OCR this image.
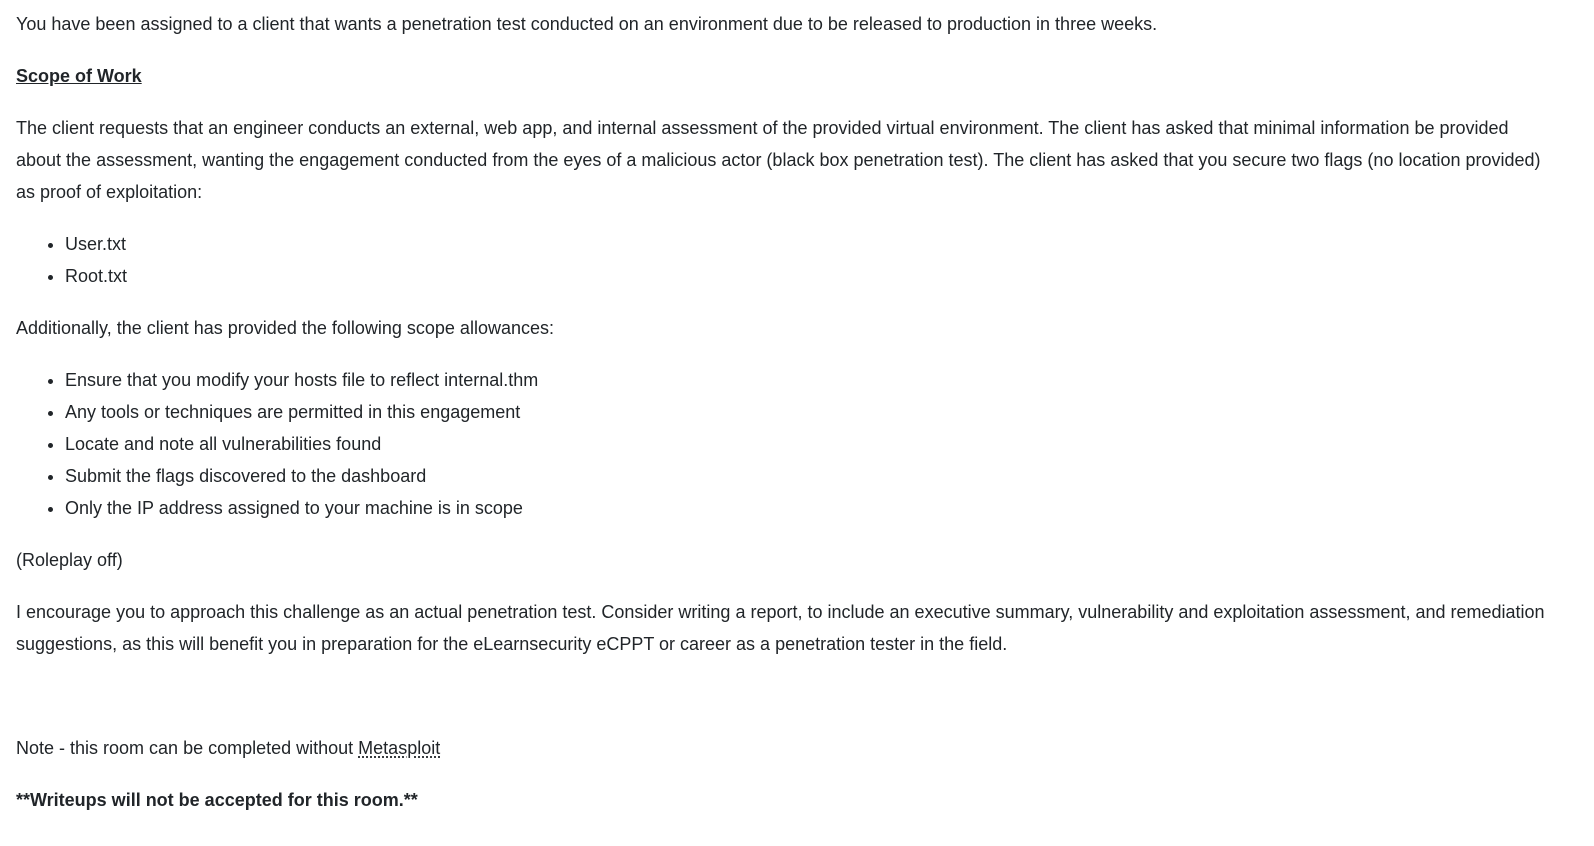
You have been assigned to a client that wants a penetration test conducted on an environment due to be released to production in three weeks.

Scope of Work

The client requests that an engineer conducts an external, web app, and internal assessment of the provided virtual environment. The client has asked that minimal information be provided about the assessment, wanting the engagement conducted from the eyes of a malicious actor (black box penetration test). The client has asked that you secure two flags (no location provided) as proof of exploitation:

• User.txt
• Root.txt

Additionally, the client has provided the following scope allowances:

• Ensure that you modify your hosts file to reflect internal.thm
• Any tools or techniques are permitted in this engagement
• Locate and note all vulnerabilities found
• Submit the flags discovered to the dashboard
• Only the IP address assigned to your machine is in scope

(Roleplay off)

I encourage you to approach this challenge as an actual penetration test. Consider writing a report, to include an executive summary, vulnerability and exploitation assessment, and remediation suggestions, as this will benefit you in preparation for the eLearnsecurity eCPPT or career as a penetration tester in the field.

Note - this room can be completed without Metasploit

**Writeups will not be accepted for this room.**
